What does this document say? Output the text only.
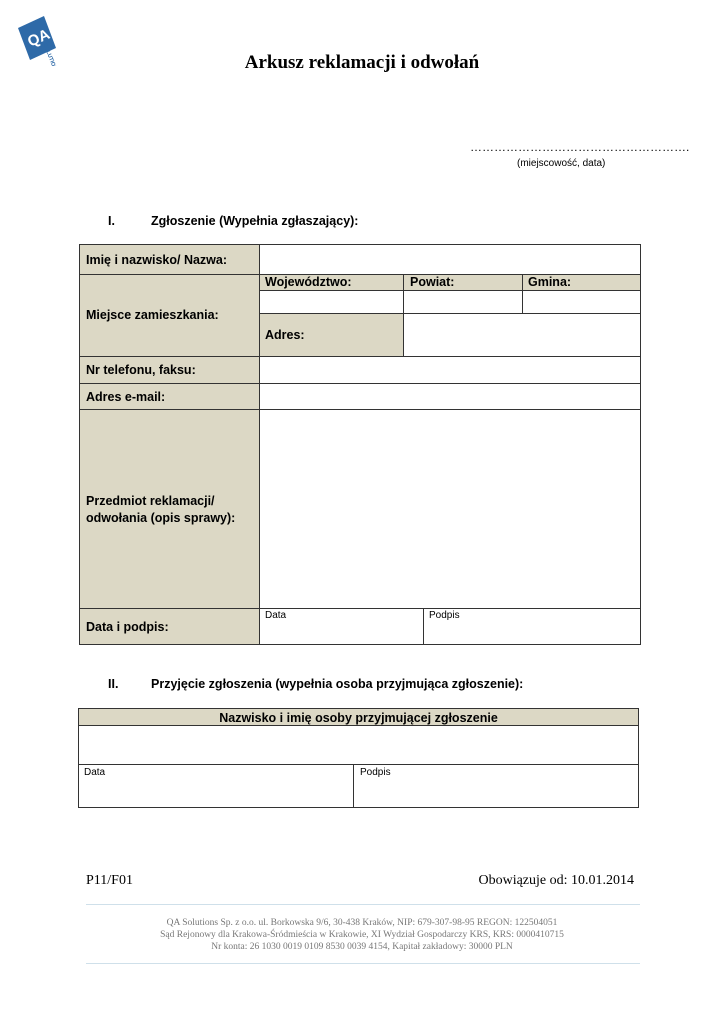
QA
SOLUTIONS	Arkusz reklamacji i odwołań
……………………………………………….
(miejscowość, data)
I.	Zgłoszenie (Wypełnia zgłaszający):
Imię i nazwisko/ Nazwa:
Miejsce zamieszkania:
Województwo:	Powiat:	Gmina:
Adres:
Nr telefonu, faksu:
Adres e-mail:
Przedmiot reklamacji/
odwołania (opis sprawy):
Data i podpis:
Data	Podpis
II.	Przyjęcie zgłoszenia (wypełnia osoba przyjmująca zgłoszenie):
Nazwisko i imię osoby przyjmującej zgłoszenie
Data	Podpis
P11/F01	Obowiązuje od: 10.01.2014
QA Solutions Sp. z o.o. ul. Borkowska 9/6, 30-438 Kraków, NIP: 679-307-98-95 REGON: 122504051
Sąd Rejonowy dla Krakowa-Śródmieścia w Krakowie, XI Wydział Gospodarczy KRS, KRS: 0000410715
Nr konta: 26 1030 0019 0109 8530 0039 4154, Kapitał zakładowy: 30000 PLN
